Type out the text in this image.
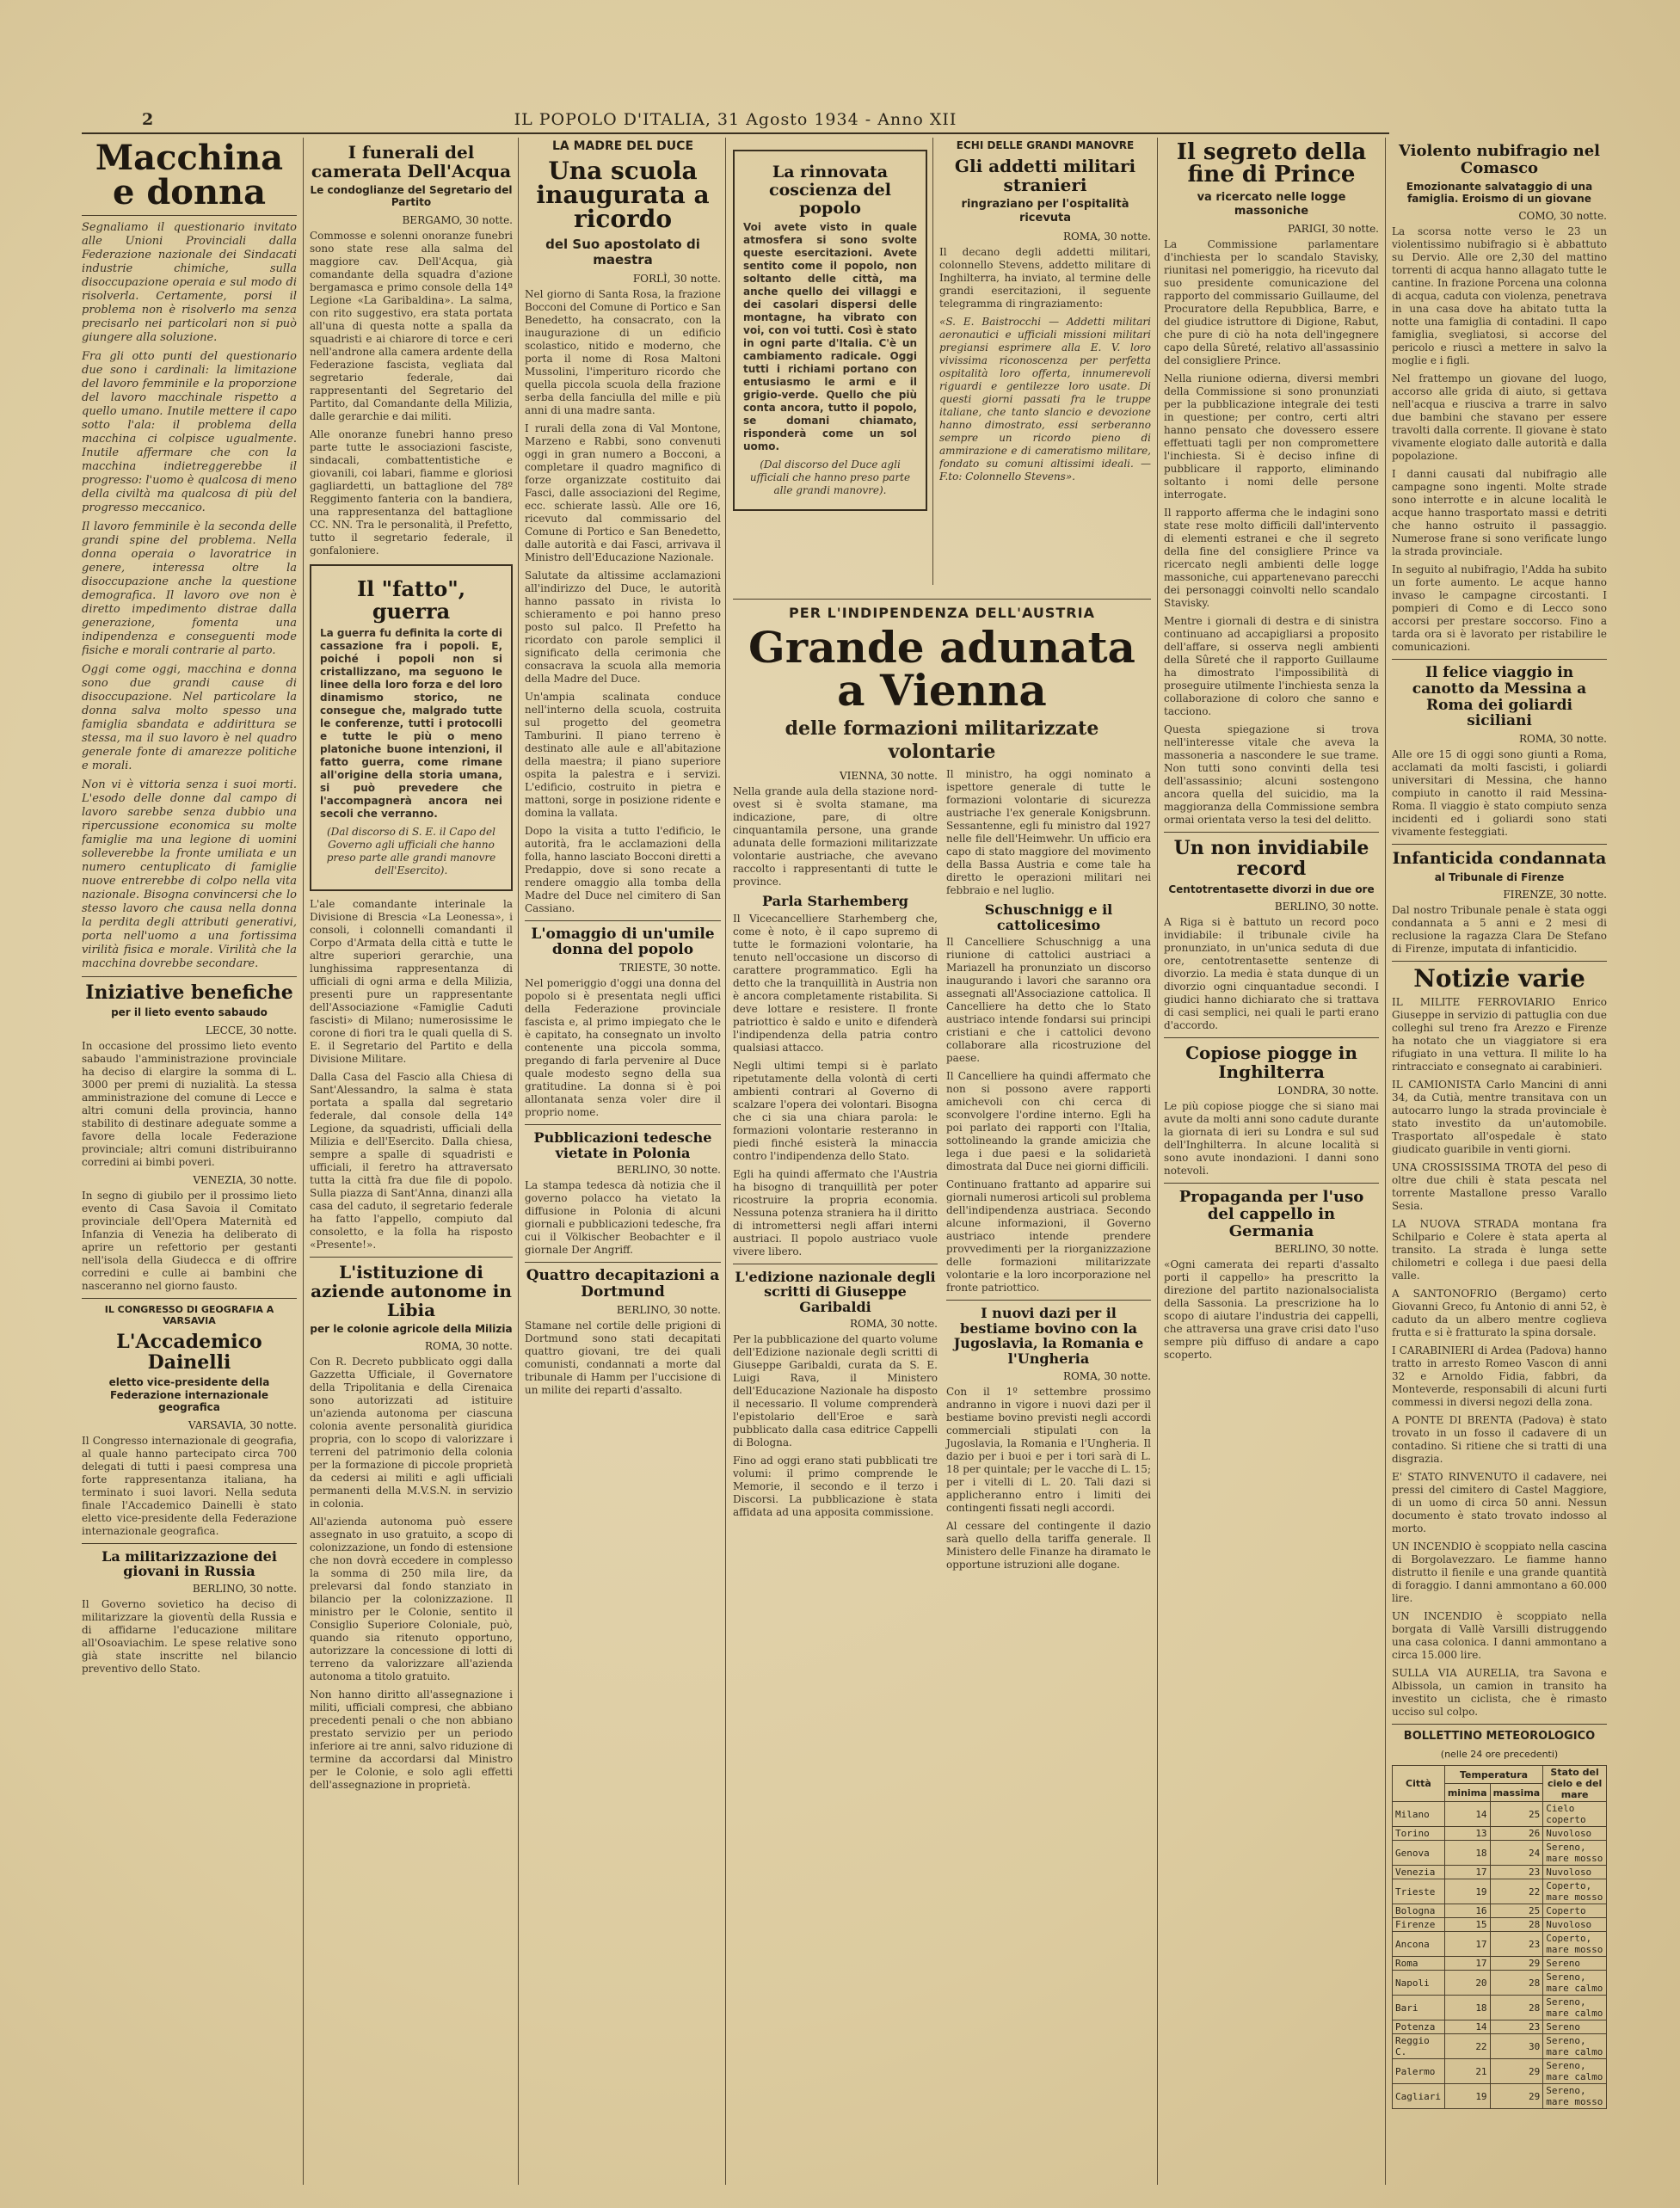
2	IL POPOLO D'ITALIA, 31 Agosto 1934 - Anno XII
Macchina e donna

Segnaliamo il questionario invitato alle Unioni Provinciali dalla Federazione nazionale dei Sindacati industrie chimiche, sulla disoccupazione operaia e sul modo di risolverla. Certamente, porsi il problema non è risolverlo ma senza precisarlo nei particolari non si può giungere alla soluzione.

Fra gli otto punti del questionario due sono i cardinali: la limitazione del lavoro femminile e la proporzione del lavoro macchinale rispetto a quello umano. Inutile mettere il capo sotto l'ala: il problema della macchina ci colpisce ugualmente. Inutile affermare che con la macchina indietreggerebbe il progresso: l'uomo è qualcosa di meno della civiltà ma qualcosa di più del progresso meccanico.

Il lavoro femminile è la seconda delle grandi spine del problema. Nella donna operaia o lavoratrice in genere, interessa oltre la disoccupazione anche la questione demografica. Il lavoro ove non è diretto impedimento distrae dalla generazione, fomenta una indipendenza e conseguenti mode fisiche e morali contrarie al parto.

Oggi come oggi, macchina e donna sono due grandi cause di disoccupazione. Nel particolare la donna salva molto spesso una famiglia sbandata e addirittura se stessa, ma il suo lavoro è nel quadro generale fonte di amarezze politiche e morali.

Non vi è vittoria senza i suoi morti. L'esodo delle donne dal campo di lavoro sarebbe senza dubbio una ripercussione economica su molte famiglie ma una legione di uomini solleverebbe la fronte umiliata e un numero centuplicato di famiglie nuove entrerebbe di colpo nella vita nazionale. Bisogna convincersi che lo stesso lavoro che causa nella donna la perdita degli attributi generativi, porta nell'uomo a una fortissima virilità fisica e morale. Virilità che la macchina dovrebbe secondare.

Iniziative benefiche
per il lieto evento sabaudo
LECCE, 30 notte.

In occasione del prossimo lieto evento sabaudo l'amministrazione provinciale ha deciso di elargire la somma di L. 3000 per premi di nuzialità. La stessa amministrazione del comune di Lecce e altri comuni della provincia, hanno stabilito di destinare adeguate somme a favore della locale Federazione provinciale; altri comuni distribuiranno corredini ai bimbi poveri.

VENEZIA, 30 notte.

In segno di giubilo per il prossimo lieto evento di Casa Savoia il Comitato provinciale dell'Opera Maternità ed Infanzia di Venezia ha deliberato di aprire un refettorio per gestanti nell'isola della Giudecca e di offrire corredini e culle ai bambini che nasceranno nel giorno fausto.

IL CONGRESSO DI GEOGRAFIA A VARSAVIA
L'Accademico Dainelli
eletto vice-presidente della Federazione internazionale geografica
VARSAVIA, 30 notte.

Il Congresso internazionale di geografia, al quale hanno partecipato circa 700 delegati di tutti i paesi compresa una forte rappresentanza italiana, ha terminato i suoi lavori. Nella seduta finale l'Accademico Dainelli è stato eletto vice-presidente della Federazione internazionale geografica.

La militarizzazione dei giovani in Russia
BERLINO, 30 notte.

Il Governo sovietico ha deciso di militarizzare la gioventù della Russia e di affidarne l'educazione militare all'Osoaviachim. Le spese relative sono già state inscritte nel bilancio preventivo dello Stato.

I funerali del camerata Dell'Acqua
Le condoglianze del Segretario del Partito
BERGAMO, 30 notte.

Commosse e solenni onoranze funebri sono state rese alla salma del maggiore cav. Dell'Acqua, già comandante della squadra d'azione bergamasca e primo console della 14ª Legione «La Garibaldina». La salma, con rito suggestivo, era stata portata all'una di questa notte a spalla da squadristi e ai chiarore di torce e ceri nell'androne alla camera ardente della Federazione fascista, vegliata dal segretario federale, dai rappresentanti del Segretario del Partito, dal Comandante della Milizia, dalle gerarchie e dai militi.

Alle onoranze funebri hanno preso parte tutte le associazioni fasciste, sindacali, combattentistiche e giovanili, coi labari, fiamme e gloriosi gagliardetti, un battaglione del 78º Reggimento fanteria con la bandiera, una rappresentanza del battaglione CC. NN. Tra le personalità, il Prefetto, tutto il segretario federale, il gonfaloniere.

Il "fatto", guerra

La guerra fu definita la corte di cassazione fra i popoli. E, poiché i popoli non si cristallizzano, ma seguono le linee della loro forza e del loro dinamismo storico, ne consegue che, malgrado tutte le conferenze, tutti i protocolli e tutte le più o meno platoniche buone intenzioni, il fatto guerra, come rimane all'origine della storia umana, si può prevedere che l'accompagnerà ancora nei secoli che verranno.

(Dal discorso di S. E. il Capo del Governo agli ufficiali che hanno preso parte alle grandi manovre dell'Esercito).

L'ale comandante interinale la Divisione di Brescia «La Leonessa», i consoli, i colonnelli comandanti il Corpo d'Armata della città e tutte le altre superiori gerarchie, una lunghissima rappresentanza di ufficiali di ogni arma e della Milizia, presenti pure un rappresentante dell'Associazione «Famiglie Caduti fascisti» di Milano; numerosissime le corone di fiori tra le quali quella di S. E. il Segretario del Partito e della Divisione Militare.

Dalla Casa del Fascio alla Chiesa di Sant'Alessandro, la salma è stata portata a spalla dal segretario federale, dal console della 14ª Legione, da squadristi, ufficiali della Milizia e dell'Esercito. Dalla chiesa, sempre a spalle di squadristi e ufficiali, il feretro ha attraversato tutta la città fra due file di popolo. Sulla piazza di Sant'Anna, dinanzi alla casa del caduto, il segretario federale ha fatto l'appello, compiuto dal consoletto, e la folla ha risposto «Presente!».

L'istituzione di aziende autonome in Libia
per le colonie agricole della Milizia
ROMA, 30 notte.

Con R. Decreto pubblicato oggi dalla Gazzetta Ufficiale, il Governatore della Tripolitania e della Cirenaica sono autorizzati ad istituire un'azienda autonoma per ciascuna colonia avente personalità giuridica propria, con lo scopo di valorizzare i terreni del patrimonio della colonia per la formazione di piccole proprietà da cedersi ai militi e agli ufficiali permanenti della M.V.S.N. in servizio in colonia.

All'azienda autonoma può essere assegnato in uso gratuito, a scopo di colonizzazione, un fondo di estensione che non dovrà eccedere in complesso la somma di 250 mila lire, da prelevarsi dal fondo stanziato in bilancio per la colonizzazione. Il ministro per le Colonie, sentito il Consiglio Superiore Coloniale, può, quando sia ritenuto opportuno, autorizzare la concessione di lotti di terreno da valorizzare all'azienda autonoma a titolo gratuito.

Non hanno diritto all'assegnazione i militi, ufficiali compresi, che abbiano precedenti penali o che non abbiano prestato servizio per un periodo inferiore ai tre anni, salvo riduzione di termine da accordarsi dal Ministro per le Colonie, e solo agli effetti dell'assegnazione in proprietà.

LA MADRE DEL DUCE
Una scuola inaugurata a ricordo
del Suo apostolato di maestra
FORLÌ, 30 notte.

Nel giorno di Santa Rosa, la frazione Bocconi del Comune di Portico e San Benedetto, ha consacrato, con la inaugurazione di un edificio scolastico, nitido e moderno, che porta il nome di Rosa Maltoni Mussolini, l'imperituro ricordo che quella piccola scuola della frazione serba della fanciulla del mille e più anni di una madre santa.

I rurali della zona di Val Montone, Marzeno e Rabbi, sono convenuti oggi in gran numero a Bocconi, a completare il quadro magnifico di forze organizzate costituito dai Fasci, dalle associazioni del Regime, ecc. schierate lassù. Alle ore 16, ricevuto dal commissario del Comune di Portico e San Benedetto, dalle autorità e dai Fasci, arrivava il Ministro dell'Educazione Nazionale.

Salutate da altissime acclamazioni all'indirizzo del Duce, le autorità hanno passato in rivista lo schieramento e poi hanno preso posto sul palco. Il Prefetto ha ricordato con parole semplici il significato della cerimonia che consacrava la scuola alla memoria della Madre del Duce.

Un'ampia scalinata conduce nell'interno della scuola, costruita sul progetto del geometra Tamburini. Il piano terreno è destinato alle aule e all'abitazione della maestra; il piano superiore ospita la palestra e i servizi. L'edificio, costruito in pietra e mattoni, sorge in posizione ridente e domina la vallata.

Dopo la visita a tutto l'edificio, le autorità, fra le acclamazioni della folla, hanno lasciato Bocconi diretti a Predappio, dove si sono recate a rendere omaggio alla tomba della Madre del Duce nel cimitero di San Cassiano.

L'omaggio di un'umile donna del popolo
TRIESTE, 30 notte.

Nel pomeriggio d'oggi una donna del popolo si è presentata negli uffici della Federazione provinciale fascista e, al primo impiegato che le è capitato, ha consegnato un involto contenente una piccola somma, pregando di farla pervenire al Duce quale modesto segno della sua gratitudine. La donna si è poi allontanata senza voler dire il proprio nome.

Pubblicazioni tedesche vietate in Polonia
BERLINO, 30 notte.

La stampa tedesca dà notizia che il governo polacco ha vietato la diffusione in Polonia di alcuni giornali e pubblicazioni tedesche, fra cui il Völkischer Beobachter e il giornale Der Angriff.

Quattro decapitazioni a Dortmund
BERLINO, 30 notte.

Stamane nel cortile delle prigioni di Dortmund sono stati decapitati quattro giovani, tre dei quali comunisti, condannati a morte dal tribunale di Hamm per l'uccisione di un milite dei reparti d'assalto.

La rinnovata coscienza del popolo

Voi avete visto in quale atmosfera si sono svolte queste esercitazioni. Avete sentito come il popolo, non soltanto delle città, ma anche quello dei villaggi e dei casolari dispersi delle montagne, ha vibrato con voi, con voi tutti. Così è stato in ogni parte d'Italia. C'è un cambiamento radicale. Oggi tutti i richiami portano con entusiasmo le armi e il grigio-verde. Quello che più conta ancora, tutto il popolo, se domani chiamato, risponderà come un sol uomo.

(Dal discorso del Duce agli ufficiali che hanno preso parte alle grandi manovre).

ECHI DELLE GRANDI MANOVRE
Gli addetti militari stranieri
ringraziano per l'ospitalità ricevuta
ROMA, 30 notte.

Il decano degli addetti militari, colonnello Stevens, addetto militare di Inghilterra, ha inviato, al termine delle grandi esercitazioni, il seguente telegramma di ringraziamento:

«S. E. Baistrocchi — Addetti militari aeronautici e ufficiali missioni militari pregiansi esprimere alla E. V. loro vivissima riconoscenza per perfetta ospitalità loro offerta, innumerevoli riguardi e gentilezze loro usate. Di questi giorni passati fra le truppe italiane, che tanto slancio e devozione hanno dimostrato, essi serberanno sempre un ricordo pieno di ammirazione e di cameratismo militare, fondato su comuni altissimi ideali. — F.to: Colonnello Stevens».

PER L'INDIPENDENZA DELL'AUSTRIA
Grande adunata a Vienna
delle formazioni militarizzate volontarie
VIENNA, 30 notte.

Nella grande aula della stazione nord-ovest si è svolta stamane, ma indicazione, pare, di oltre cinquantamila persone, una grande adunata delle formazioni militarizzate volontarie austriache, che avevano raccolto i rappresentanti di tutte le province.

Parla Starhemberg

Il Vicecancelliere Starhemberg che, come è noto, è il capo supremo di tutte le formazioni volontarie, ha tenuto nell'occasione un discorso di carattere programmatico. Egli ha detto che la tranquillità in Austria non è ancora completamente ristabilita. Si deve lottare e resistere. Il fronte patriottico è saldo e unito e difenderà l'indipendenza della patria contro qualsiasi attacco.

Negli ultimi tempi si è parlato ripetutamente della volontà di certi ambienti contrari al Governo di scalzare l'opera dei volontari. Bisogna che ci sia una chiara parola: le formazioni volontarie resteranno in piedi finché esisterà la minaccia contro l'indipendenza dello Stato.

Egli ha quindi affermato che l'Austria ha bisogno di tranquillità per poter ricostruire la propria economia. Nessuna potenza straniera ha il diritto di intromettersi negli affari interni austriaci. Il popolo austriaco vuole vivere libero.

L'edizione nazionale degli scritti di Giuseppe Garibaldi
ROMA, 30 notte.

Per la pubblicazione del quarto volume dell'Edizione nazionale degli scritti di Giuseppe Garibaldi, curata da S. E. Luigi Rava, il Ministero dell'Educazione Nazionale ha disposto il necessario. Il volume comprenderà l'epistolario dell'Eroe e sarà pubblicato dalla casa editrice Cappelli di Bologna.

Fino ad oggi erano stati pubblicati tre volumi: il primo comprende le Memorie, il secondo e il terzo i Discorsi. La pubblicazione è stata affidata ad una apposita commissione.

Il ministro, ha oggi nominato a ispettore generale di tutte le formazioni volontarie di sicurezza austriache l'ex generale Konigsbrunn. Sessantenne, egli fu ministro dal 1927 nelle file dell'Heimwehr. Un ufficio era capo di stato maggiore del movimento della Bassa Austria e come tale ha diretto le operazioni militari nei febbraio e nel luglio.

Schuschnigg e il cattolicesimo

Il Cancelliere Schuschnigg a una riunione di cattolici austriaci a Mariazell ha pronunziato un discorso inaugurando i lavori che saranno ora assegnati all'Associazione cattolica. Il Cancelliere ha detto che lo Stato austriaco intende fondarsi sui principi cristiani e che i cattolici devono collaborare alla ricostruzione del paese.

Il Cancelliere ha quindi affermato che non si possono avere rapporti amichevoli con chi cerca di sconvolgere l'ordine interno. Egli ha poi parlato dei rapporti con l'Italia, sottolineando la grande amicizia che lega i due paesi e la solidarietà dimostrata dal Duce nei giorni difficili.

Continuano frattanto ad apparire sui giornali numerosi articoli sul problema dell'indipendenza austriaca. Secondo alcune informazioni, il Governo austriaco intende prendere provvedimenti per la riorganizzazione delle formazioni militarizzate volontarie e la loro incorporazione nel fronte patriottico.

I nuovi dazi per il bestiame bovino con la Jugoslavia, la Romania e l'Ungheria
ROMA, 30 notte.

Con il 1º settembre prossimo andranno in vigore i nuovi dazi per il bestiame bovino previsti negli accordi commerciali stipulati con la Jugoslavia, la Romania e l'Ungheria. Il dazio per i buoi e per i tori sarà di L. 18 per quintale; per le vacche di L. 15; per i vitelli di L. 20. Tali dazi si applicheranno entro i limiti dei contingenti fissati negli accordi.

Al cessare del contingente il dazio sarà quello della tariffa generale. Il Ministero delle Finanze ha diramato le opportune istruzioni alle dogane.

Il segreto della fine di Prince
va ricercato nelle logge massoniche
PARIGI, 30 notte.

La Commissione parlamentare d'inchiesta per lo scandalo Stavisky, riunitasi nel pomeriggio, ha ricevuto dal suo presidente comunicazione del rapporto del commissario Guillaume, del Procuratore della Repubblica, Barre, e del giudice istruttore di Digione, Rabut, che pure di ciò ha nota dell'ingegnere capo della Sûreté, relativo all'assassinio del consigliere Prince.

Nella riunione odierna, diversi membri della Commissione si sono pronunziati per la pubblicazione integrale dei testi in questione; per contro, certi altri hanno pensato che dovessero essere effettuati tagli per non compromettere l'inchiesta. Si è deciso infine di pubblicare il rapporto, eliminando soltanto i nomi delle persone interrogate.

Il rapporto afferma che le indagini sono state rese molto difficili dall'intervento di elementi estranei e che il segreto della fine del consigliere Prince va ricercato negli ambienti delle logge massoniche, cui appartenevano parecchi dei personaggi coinvolti nello scandalo Stavisky.

Mentre i giornali di destra e di sinistra continuano ad accapigliarsi a proposito dell'affare, si osserva negli ambienti della Sûreté che il rapporto Guillaume ha dimostrato l'impossibilità di proseguire utilmente l'inchiesta senza la collaborazione di coloro che sanno e tacciono.

Questa spiegazione si trova nell'interesse vitale che aveva la massoneria a nascondere le sue trame. Non tutti sono convinti della tesi dell'assassinio; alcuni sostengono ancora quella del suicidio, ma la maggioranza della Commissione sembra ormai orientata verso la tesi del delitto.

Un non invidiabile record
Centotrentasette divorzi in due ore
BERLINO, 30 notte.

A Riga si è battuto un record poco invidiabile: il tribunale civile ha pronunziato, in un'unica seduta di due ore, centotrentasette sentenze di divorzio. La media è stata dunque di un divorzio ogni cinquantadue secondi. I giudici hanno dichiarato che si trattava di casi semplici, nei quali le parti erano d'accordo.

Copiose piogge in Inghilterra
LONDRA, 30 notte.

Le più copiose piogge che si siano mai avute da molti anni sono cadute durante la giornata di ieri su Londra e sul sud dell'Inghilterra. In alcune località si sono avute inondazioni. I danni sono notevoli.

Propaganda per l'uso del cappello in Germania
BERLINO, 30 notte.

«Ogni camerata dei reparti d'assalto porti il cappello» ha prescritto la direzione del partito nazionalsocialista della Sassonia. La prescrizione ha lo scopo di aiutare l'industria dei cappelli, che attraversa una grave crisi dato l'uso sempre più diffuso di andare a capo scoperto.

Violento nubifragio nel Comasco
Emozionante salvataggio di una famiglia. Eroismo di un giovane
COMO, 30 notte.

La scorsa notte verso le 23 un violentissimo nubifragio si è abbattuto su Dervio. Alle ore 2,30 del mattino torrenti di acqua hanno allagato tutte le cantine. In frazione Porcena una colonna di acqua, caduta con violenza, penetrava in una casa dove ha abitato tutta la notte una famiglia di contadini. Il capo famiglia, svegliatosi, si accorse del pericolo e riuscì a mettere in salvo la moglie e i figli.

Nel frattempo un giovane del luogo, accorso alle grida di aiuto, si gettava nell'acqua e riusciva a trarre in salvo due bambini che stavano per essere travolti dalla corrente. Il giovane è stato vivamente elogiato dalle autorità e dalla popolazione.

I danni causati dal nubifragio alle campagne sono ingenti. Molte strade sono interrotte e in alcune località le acque hanno trasportato massi e detriti che hanno ostruito il passaggio. Numerose frane si sono verificate lungo la strada provinciale.

In seguito al nubifragio, l'Adda ha subito un forte aumento. Le acque hanno invaso le campagne circostanti. I pompieri di Como e di Lecco sono accorsi per prestare soccorso. Fino a tarda ora si è lavorato per ristabilire le comunicazioni.

Il felice viaggio in canotto da Messina a Roma dei goliardi siciliani
ROMA, 30 notte.

Alle ore 15 di oggi sono giunti a Roma, acclamati da molti fascisti, i goliardi universitari di Messina, che hanno compiuto in canotto il raid Messina-Roma. Il viaggio è stato compiuto senza incidenti ed i goliardi sono stati vivamente festeggiati.

Infanticida condannata
al Tribunale di Firenze
FIRENZE, 30 notte.

Dal nostro Tribunale penale è stata oggi condannata a 5 anni e 2 mesi di reclusione la ragazza Clara De Stefano di Firenze, imputata di infanticidio.

Notizie varie

IL MILITE FERROVIARIO Enrico Giuseppe in servizio di pattuglia con due colleghi sul treno fra Arezzo e Firenze ha notato che un viaggiatore si era rifugiato in una vettura. Il milite lo ha rintracciato e consegnato ai carabinieri.

IL CAMIONISTA Carlo Mancini di anni 34, da Cutià, mentre transitava con un autocarro lungo la strada provinciale è stato investito da un'automobile. Trasportato all'ospedale è stato giudicato guaribile in venti giorni.

UNA CROSSISSIMA TROTA del peso di oltre due chili è stata pescata nel torrente Mastallone presso Varallo Sesia.

LA NUOVA STRADA montana fra Schilpario e Colere è stata aperta al transito. La strada è lunga sette chilometri e collega i due paesi della valle.

A SANTONOFRIO (Bergamo) certo Giovanni Greco, fu Antonio di anni 52, è caduto da un albero mentre coglieva frutta e si è fratturato la spina dorsale.

I CARABINIERI di Ardea (Padova) hanno tratto in arresto Romeo Vascon di anni 32 e Arnoldo Fidia, fabbri, da Monteverde, responsabili di alcuni furti commessi in diversi negozi della zona.

A PONTE DI BRENTA (Padova) è stato trovato in un fosso il cadavere di un contadino. Si ritiene che si tratti di una disgrazia.

E' STATO RINVENUTO il cadavere, nei pressi del cimitero di Castel Maggiore, di un uomo di circa 50 anni. Nessun documento è stato trovato indosso al morto.

UN INCENDIO è scoppiato nella cascina di Borgolavezzaro. Le fiamme hanno distrutto il fienile e una grande quantità di foraggio. I danni ammontano a 60.000 lire.

UN INCENDIO è scoppiato nella borgata di Vallè Varsilli distruggendo una casa colonica. I danni ammontano a circa 15.000 lire.

SULLA VIA AURELIA, tra Savona e Albissola, un camion in transito ha investito un ciclista, che è rimasto ucciso sul colpo.

BOLLETTINO METEOROLOGICO
(nelle 24 ore precedenti)
Città	Temperatura		Stato del cielo e del mare
	minima	massima	
Milano	14	25	Cielo coperto
Torino	13	26	Nuvoloso
Genova	18	24	Sereno, mare mosso
Venezia	17	23	Nuvoloso
Trieste	19	22	Coperto, mare mosso
Bologna	16	25	Coperto
Firenze	15	28	Nuvoloso
Ancona	17	23	Coperto, mare mosso
Roma	17	29	Sereno
Napoli	20	28	Sereno, mare calmo
Bari	18	28	Sereno, mare calmo
Potenza	14	23	Sereno
Reggio C.	22	30	Sereno, mare calmo
Palermo	21	29	Sereno, mare calmo
Cagliari	19	29	Sereno, mare mosso
